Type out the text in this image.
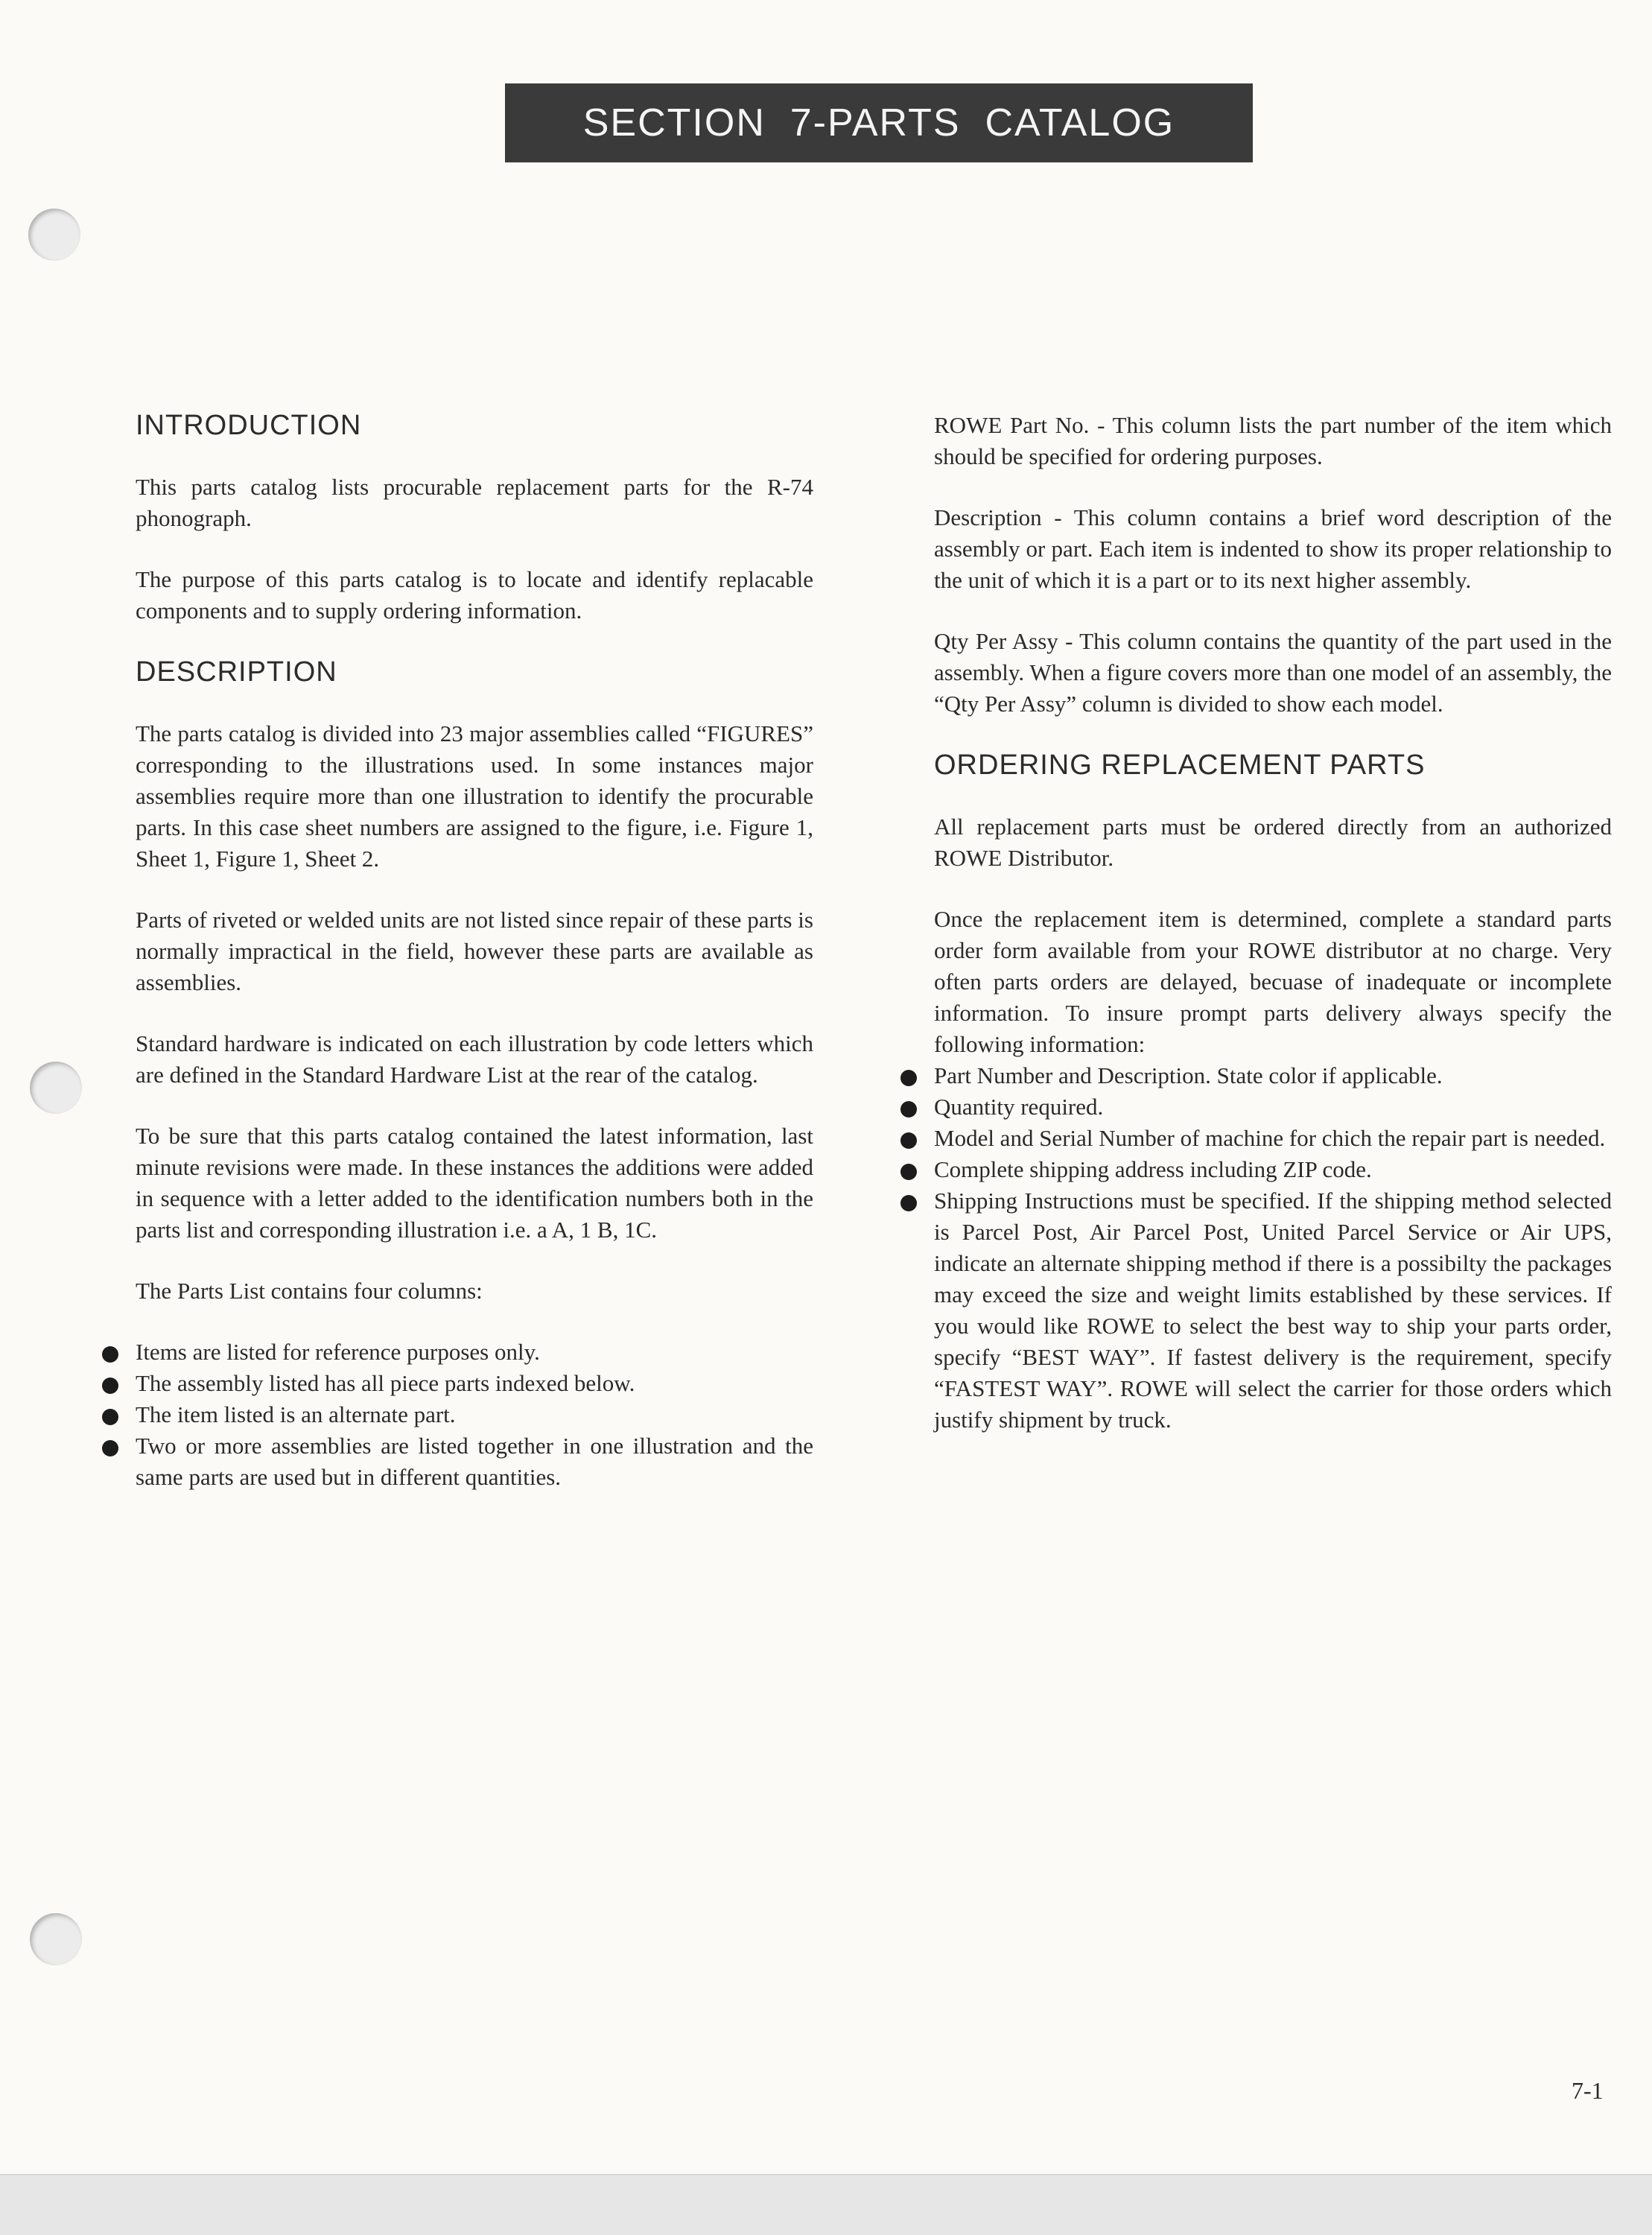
SECTION  7-PARTS  CATALOG
INTRODUCTION

This parts catalog lists procurable replacement parts for the R-74 phonograph.

The purpose of this parts catalog is to locate and identify replacable components and to supply ordering information.

DESCRIPTION

The parts catalog is divided into 23 major assemblies called “FIGURES” corresponding to the illustrations used. In some instances major assemblies require more than one illustration to identify the procurable parts. In this case sheet numbers are assigned to the figure, i.e. Figure 1, Sheet 1, Figure 1, Sheet 2.

Parts of riveted or welded units are not listed since repair of these parts is normally impractical in the field, however these parts are available as assemblies.

Standard hardware is indicated on each illustration by code letters which are defined in the Standard Hardware List at the rear of the catalog.

To be sure that this parts catalog contained the latest information, last minute revisions were made. In these instances the additions were added in sequence with a letter added to the identification numbers both in the parts list and corresponding illustration i.e. a A, 1 B, 1C.

The Parts List contains four columns:

Items are listed for reference purposes only.
The assembly listed has all piece parts indexed below.
The item listed is an alternate part.
Two or more assemblies are listed together in one illustration and the same parts are used but in different quantities.

ROWE Part No. - This column lists the part number of the item which should be specified for ordering purposes.

Description - This column contains a brief word description of the assembly or part. Each item is indented to show its proper relationship to the unit of which it is a part or to its next higher assembly.

Qty Per Assy - This column contains the quantity of the part used in the assembly. When a figure covers more than one model of an assembly, the “Qty Per Assy” column is divided to show each model.

ORDERING REPLACEMENT PARTS

All replacement parts must be ordered directly from an authorized ROWE Distributor.

Once the replacement item is determined, complete a standard parts order form available from your ROWE distributor at no charge. Very often parts orders are delayed, becuase of inadequate or incomplete information. To insure prompt parts delivery always specify the following information:

Part Number and Description. State color if applicable.
Quantity required.
Model and Serial Number of machine for chich the repair part is needed.
Complete shipping address including ZIP code.
Shipping Instructions must be specified. If the shipping method selected is Parcel Post, Air Parcel Post, United Parcel Service or Air UPS, indicate an alternate shipping method if there is a possibilty the packages may exceed the size and weight limits established by these services. If you would like ROWE to select the best way to ship your parts order, specify “BEST WAY”. If fastest delivery is the requirement, specify “FASTEST WAY”. ROWE will select the carrier for those orders which justify shipment by truck.
7-1
